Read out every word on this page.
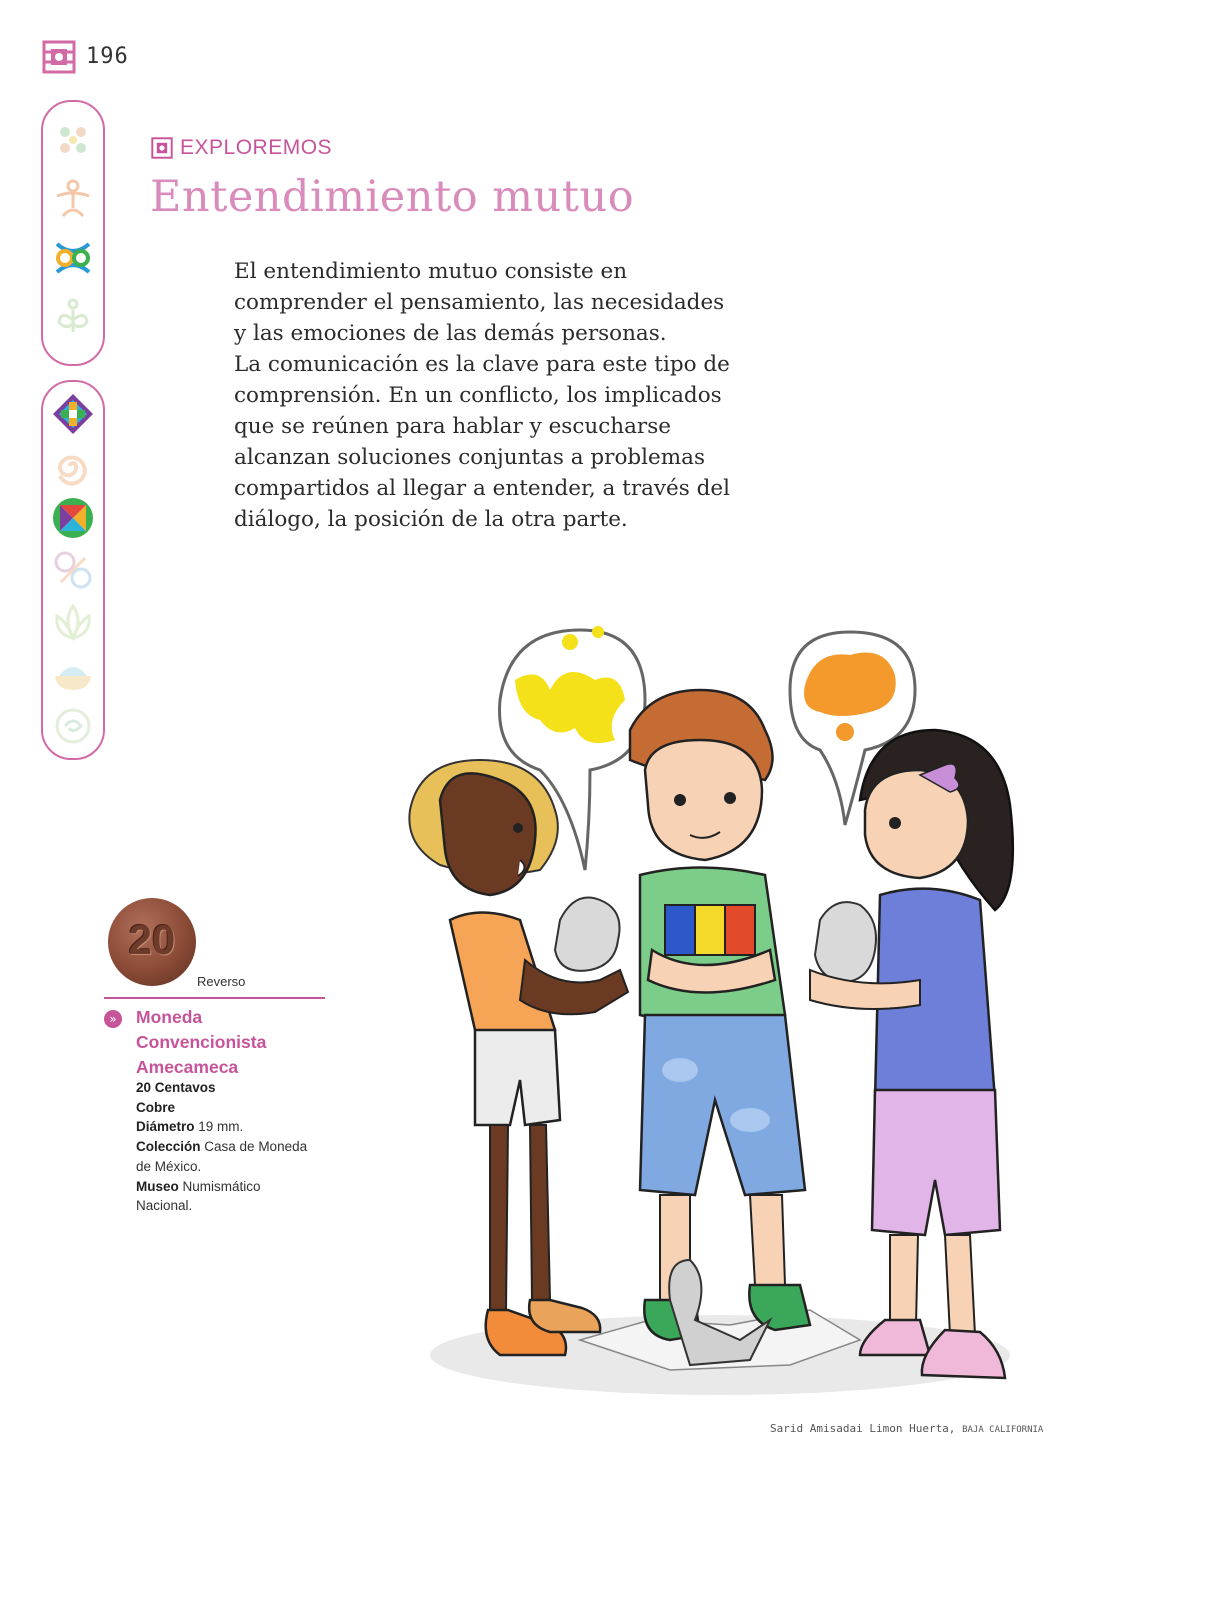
196
EXPLOREMOS
Entendimiento mutuo

El entendimiento mutuo consiste en

comprender el pensamiento, las necesidades

y las emociones de las demás personas.

La comunicación es la clave para este tipo de

comprensión. En un conflicto, los implicados

que se reúnen para hablar y escucharse

alcanzan soluciones conjuntas a problemas

compartidos al llegar a entender, a través del

diálogo, la posición de la otra parte.

20
Reverso
»	Moneda
Convencionista
Amecameca
20 Centavos
Cobre
Diámetro 19 mm.
Colección Casa de Moneda
de México.
Museo Numismático
Nacional.
Sarid Amisadai Limon Huerta, BAJA CALIFORNIA
